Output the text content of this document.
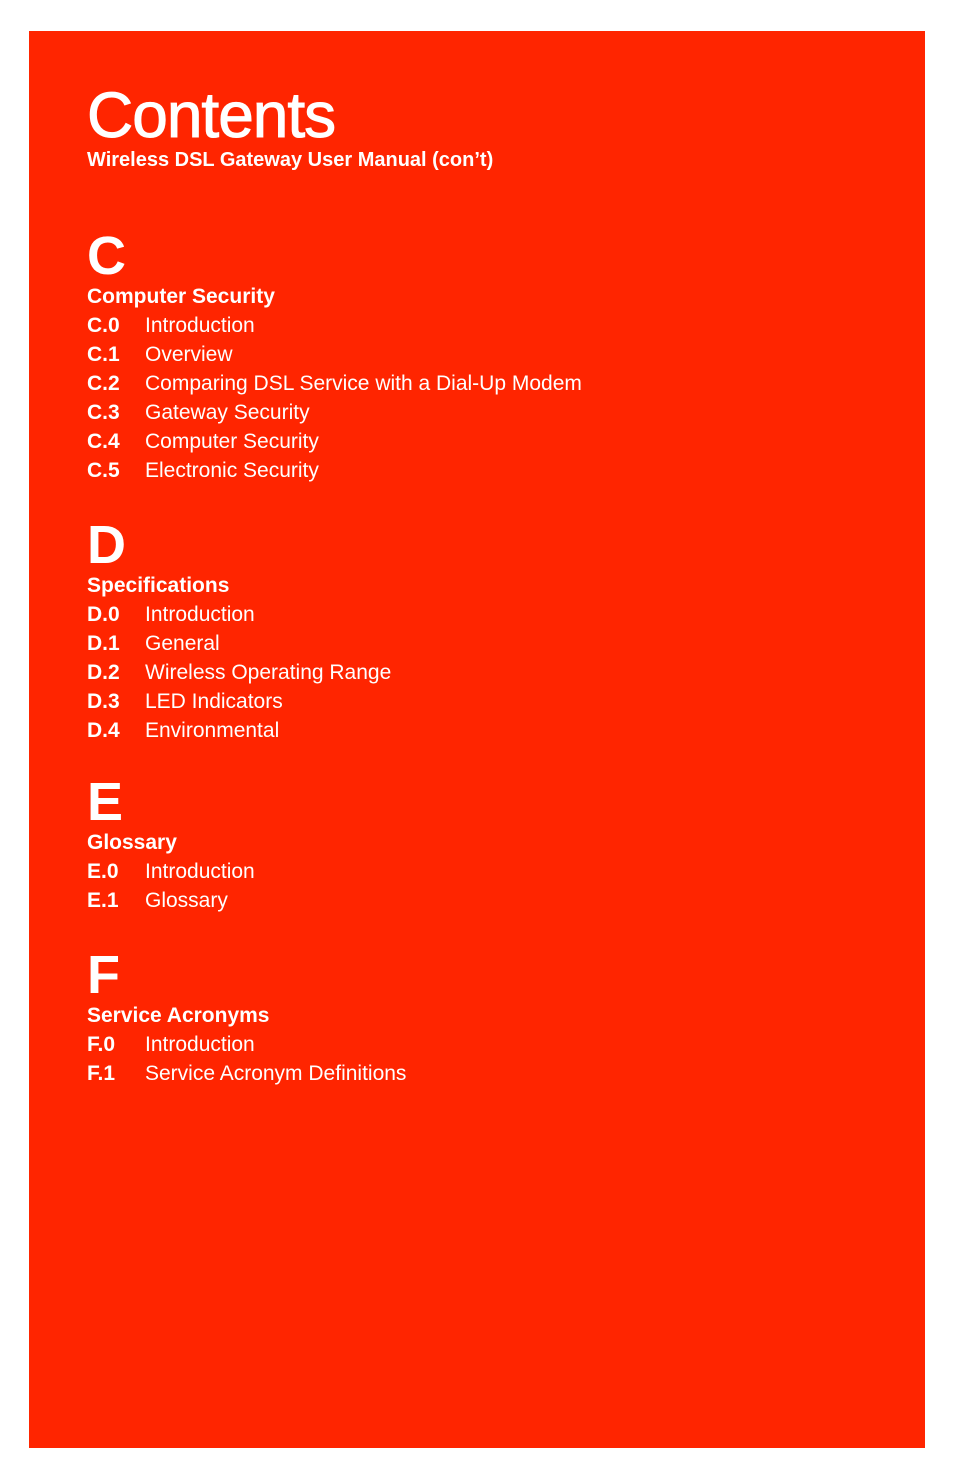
Contents
Wireless DSL Gateway User Manual (con’t)
C
Computer Security
C.0	Introduction
C.1	Overview
C.2	Comparing DSL Service with a Dial-Up Modem
C.3	Gateway Security
C.4	Computer Security
C.5	Electronic Security
D
Specifications
D.0	Introduction
D.1	General
D.2	Wireless Operating Range
D.3	LED Indicators
D.4	Environmental
E
Glossary
E.0	Introduction
E.1	Glossary
F
Service Acronyms
F.0	Introduction
F.1	Service Acronym Definitions
